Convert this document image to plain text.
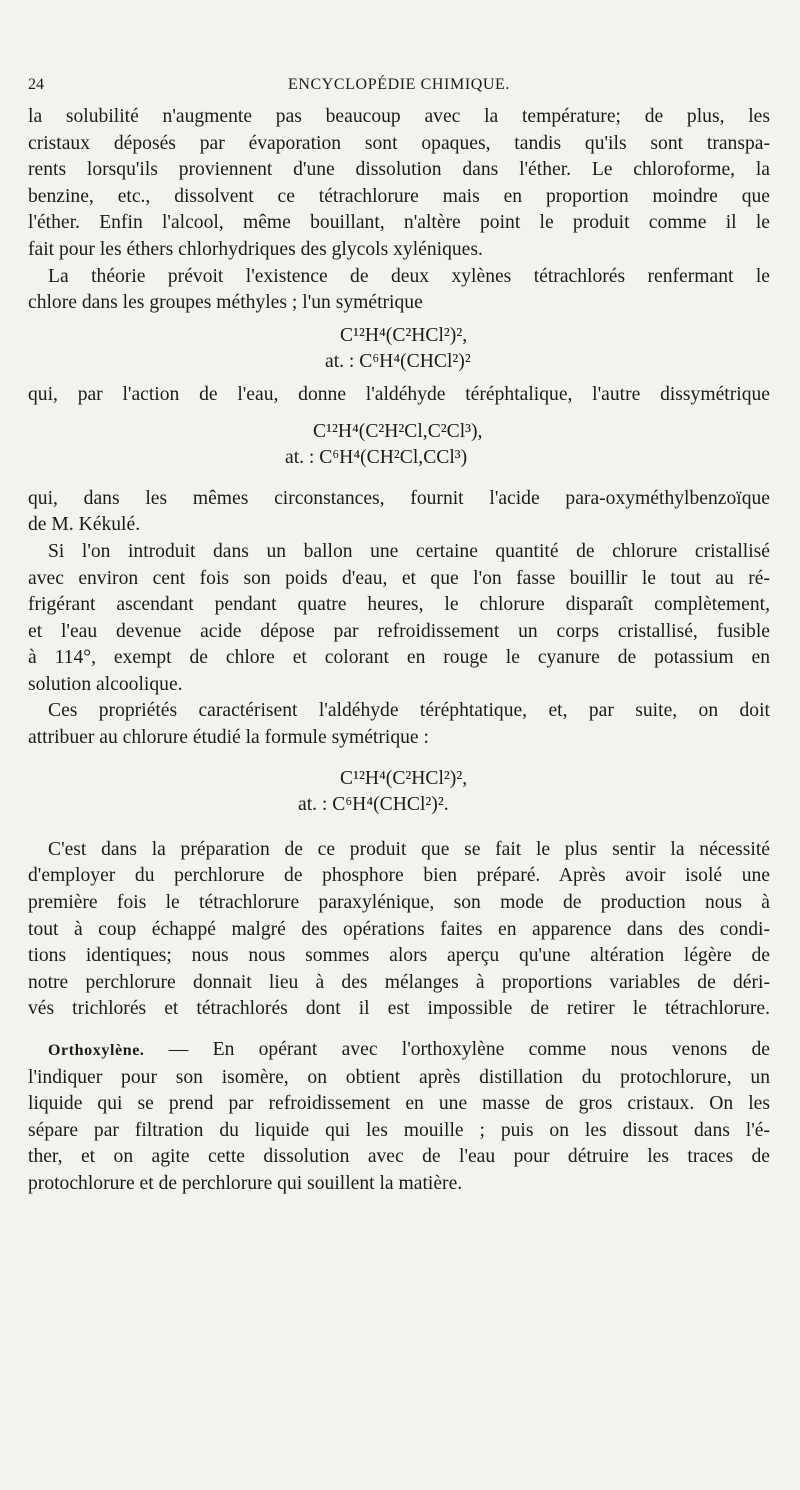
24	ENCYCLOPÉDIE CHIMIQUE.
la solubilité n'augmente pas beaucoup avec la température; de plus, les
cristaux déposés par évaporation sont opaques, tandis qu'ils sont transpa-
rents lorsqu'ils proviennent d'une dissolution dans l'éther. Le chloroforme, la
benzine, etc., dissolvent ce tétrachlorure mais en proportion moindre que
l'éther. Enfin l'alcool, même bouillant, n'altère point le produit comme il le
fait pour les éthers chlorhydriques des glycols xyléniques.
La théorie prévoit l'existence de deux xylènes tétrachlorés renfermant le
chlore dans les groupes méthyles ; l'un symétrique
C¹²H⁴(C²HCl²)²,
at. : C⁶H⁴(CHCl²)²
qui, par l'action de l'eau, donne l'aldéhyde téréphtalique, l'autre dissymétrique
C¹²H⁴(C²H²Cl,C²Cl³),
at. : C⁶H⁴(CH²Cl,CCl³)
qui, dans les mêmes circonstances, fournit l'acide para-oxyméthylbenzoïque
de M. Kékulé.
Si l'on introduit dans un ballon une certaine quantité de chlorure cristallisé
avec environ cent fois son poids d'eau, et que l'on fasse bouillir le tout au ré-
frigérant ascendant pendant quatre heures, le chlorure disparaît complètement,
et l'eau devenue acide dépose par refroidissement un corps cristallisé, fusible
à 114°, exempt de chlore et colorant en rouge le cyanure de potassium en
solution alcoolique.
Ces propriétés caractérisent l'aldéhyde téréphtatique, et, par suite, on doit
attribuer au chlorure étudié la formule symétrique :
C¹²H⁴(C²HCl²)²,
at. : C⁶H⁴(CHCl²)².
C'est dans la préparation de ce produit que se fait le plus sentir la nécessité
d'employer du perchlorure de phosphore bien préparé. Après avoir isolé une
première fois le tétrachlorure paraxylénique, son mode de production nous à
tout à coup échappé malgré des opérations faites en apparence dans des condi-
tions identiques; nous nous sommes alors aperçu qu'une altération légère de
notre perchlorure donnait lieu à des mélanges à proportions variables de déri-
vés trichlorés et tétrachlorés dont il est impossible de retirer le tétrachlorure.
Orthoxylène. — En opérant avec l'orthoxylène comme nous venons de
l'indiquer pour son isomère, on obtient après distillation du protochlorure, un
liquide qui se prend par refroidissement en une masse de gros cristaux. On les
sépare par filtration du liquide qui les mouille ; puis on les dissout dans l'é-
ther, et on agite cette dissolution avec de l'eau pour détruire les traces de
protochlorure et de perchlorure qui souillent la matière.
